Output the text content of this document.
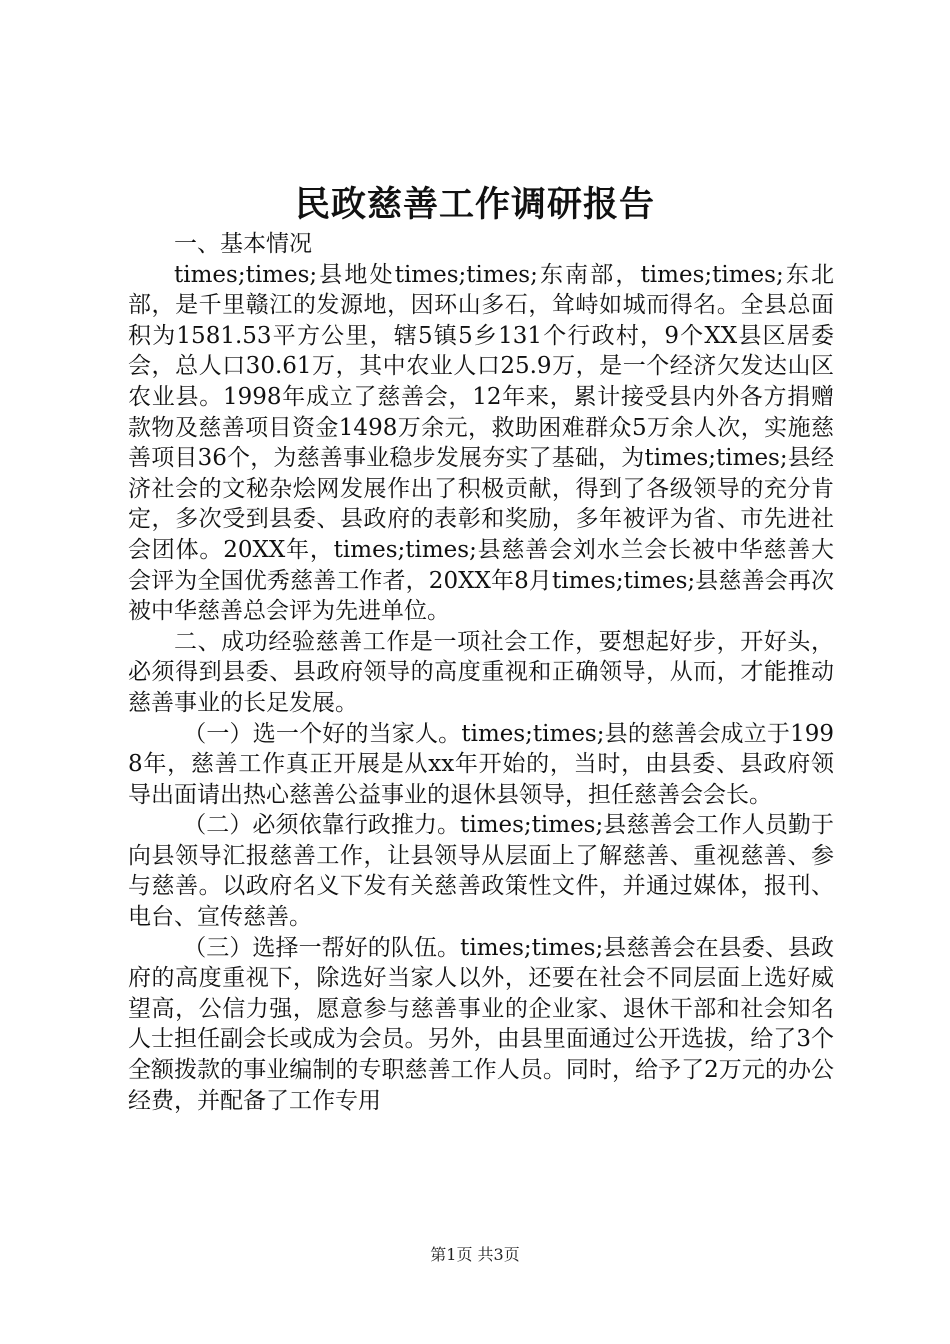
民政慈善工作调研报告

一、基本情况

times;times;县地处times;times;东南部，times;times;东北部，是千里赣江的发源地，因环山多石，耸峙如城而得名。全县总面积为1581.53平方公里，辖5镇5乡131个行政村，9个XX县区居委会，总人口30.61万，其中农业人口25.9万，是一个经济欠发达山区农业县。1998年成立了慈善会，12年来，累计接受县内外各方捐赠款物及慈善项目资金1498万余元，救助困难群众5万余人次，实施慈善项目36个，为慈善事业稳步发展夯实了基础，为times;times;县经济社会的文秘杂烩网发展作出了积极贡献，得到了各级领导的充分肯定，多次受到县委、县政府的表彰和奖励，多年被评为省、市先进社会团体。20XX年，times;times;县慈善会刘水兰会长被中华慈善大会评为全国优秀慈善工作者，20XX年8月times;times;县慈善会再次被中华慈善总会评为先进单位。

二、成功经验慈善工作是一项社会工作，要想起好步，开好头，必须得到县委、县政府领导的高度重视和正确领导，从而，才能推动慈善事业的长足发展。

（一）选一个好的当家人。times;times;县的慈善会成立于1998年，慈善工作真正开展是从xx年开始的，当时，由县委、县政府领导出面请出热心慈善公益事业的退休县领导，担任慈善会会长。

（二）必须依靠行政推力。times;times;县慈善会工作人员勤于向县领导汇报慈善工作，让县领导从层面上了解慈善、重视慈善、参与慈善。以政府名义下发有关慈善政策性文件，并通过媒体，报刊、电台、宣传慈善。

（三）选择一帮好的队伍。times;times;县慈善会在县委、县政府的高度重视下，除选好当家人以外，还要在社会不同层面上选好威望高，公信力强，愿意参与慈善事业的企业家、退休干部和社会知名人士担任副会长或成为会员。另外，由县里面通过公开选拔，给了3个全额拨款的事业编制的专职慈善工作人员。同时，给予了2万元的办公经费，并配备了工作专用

第1页 共3页
